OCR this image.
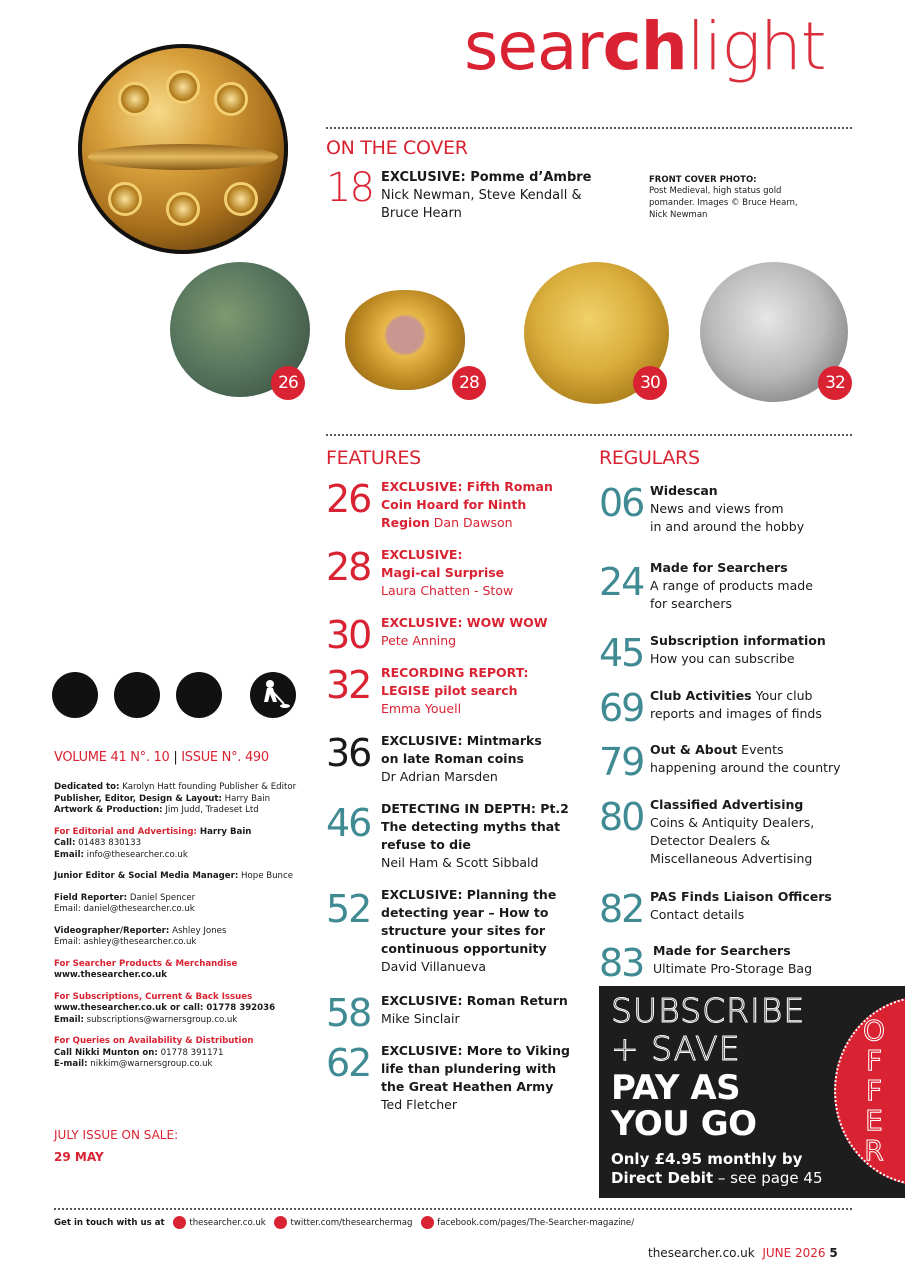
searchlight
ON THE COVER
18 EXCLUSIVE: Pomme d’Ambre
Nick Newman, Steve Kendall &
Bruce Hearn
FRONT COVER PHOTO:
Post Medieval, high status gold
pomander. Images © Bruce Hearn,
Nick Newman
26	28	30	32
FEATURES
26 EXCLUSIVE: Fifth Roman
Coin Hoard for Ninth
Region Dan Dawson
28 EXCLUSIVE:
Magi-cal Surprise
Laura Chatten - Stow
30 EXCLUSIVE: WOW WOW
Pete Anning
32 RECORDING REPORT:
LEGISE pilot search
Emma Youell
36 EXCLUSIVE: Mintmarks
on late Roman coins
Dr Adrian Marsden
46 DETECTING IN DEPTH: Pt.2
The detecting myths that
refuse to die
Neil Ham & Scott Sibbald
52 EXCLUSIVE: Planning the
detecting year – How to
structure your sites for
continuous opportunity
David Villanueva
58 EXCLUSIVE: Roman Return
Mike Sinclair
62 EXCLUSIVE: More to Viking
life than plundering with
the Great Heathen Army
Ted Fletcher
REGULARS
06 Widescan
News and views from
in and around the hobby
24 Made for Searchers
A range of products made
for searchers
45 Subscription information
How you can subscribe
69 Club Activities Your club
reports and images of finds
79 Out & About Events
happening around the country
80 Classified Advertising
Coins & Antiquity Dealers,
Detector Dealers &
Miscellaneous Advertising
82 PAS Finds Liaison Officers
Contact details
83 Made for Searchers
Ultimate Pro-Storage Bag
OFFER
SUBSCRIBE
+ SAVE
PAY AS
YOU GO
Only £4.95 monthly by
Direct Debit – see page 45
VOLUME 41 N°. 10 | ISSUE N°. 490
Dedicated to: Karolyn Hatt founding Publisher & Editor
Publisher, Editor, Design & Layout: Harry Bain
Artwork & Production: Jim Judd, Tradeset Ltd
For Editorial and Advertising: Harry Bain
Call: 01483 830133
Email: info@thesearcher.co.uk
Junior Editor & Social Media Manager: Hope Bunce
Field Reporter: Daniel Spencer
Email: daniel@thesearcher.co.uk
Videographer/Reporter: Ashley Jones
Email: ashley@thesearcher.co.uk
For Searcher Products & Merchandise
www.thesearcher.co.uk
For Subscriptions, Current & Back Issues
www.thesearcher.co.uk or call: 01778 392036
Email: subscriptions@warnersgroup.co.uk
For Queries on Availability & Distribution
Call Nikki Munton on: 01778 391171
E-mail: nikkim@warnersgroup.co.uk
JULY ISSUE ON SALE:
29 MAY
Get in touch with us at	thesearcher.co.uk	twitter.com/thesearchermag	facebook.com/pages/The-Searcher-magazine/
thesearcher.co.uk JUNE 2026 5
